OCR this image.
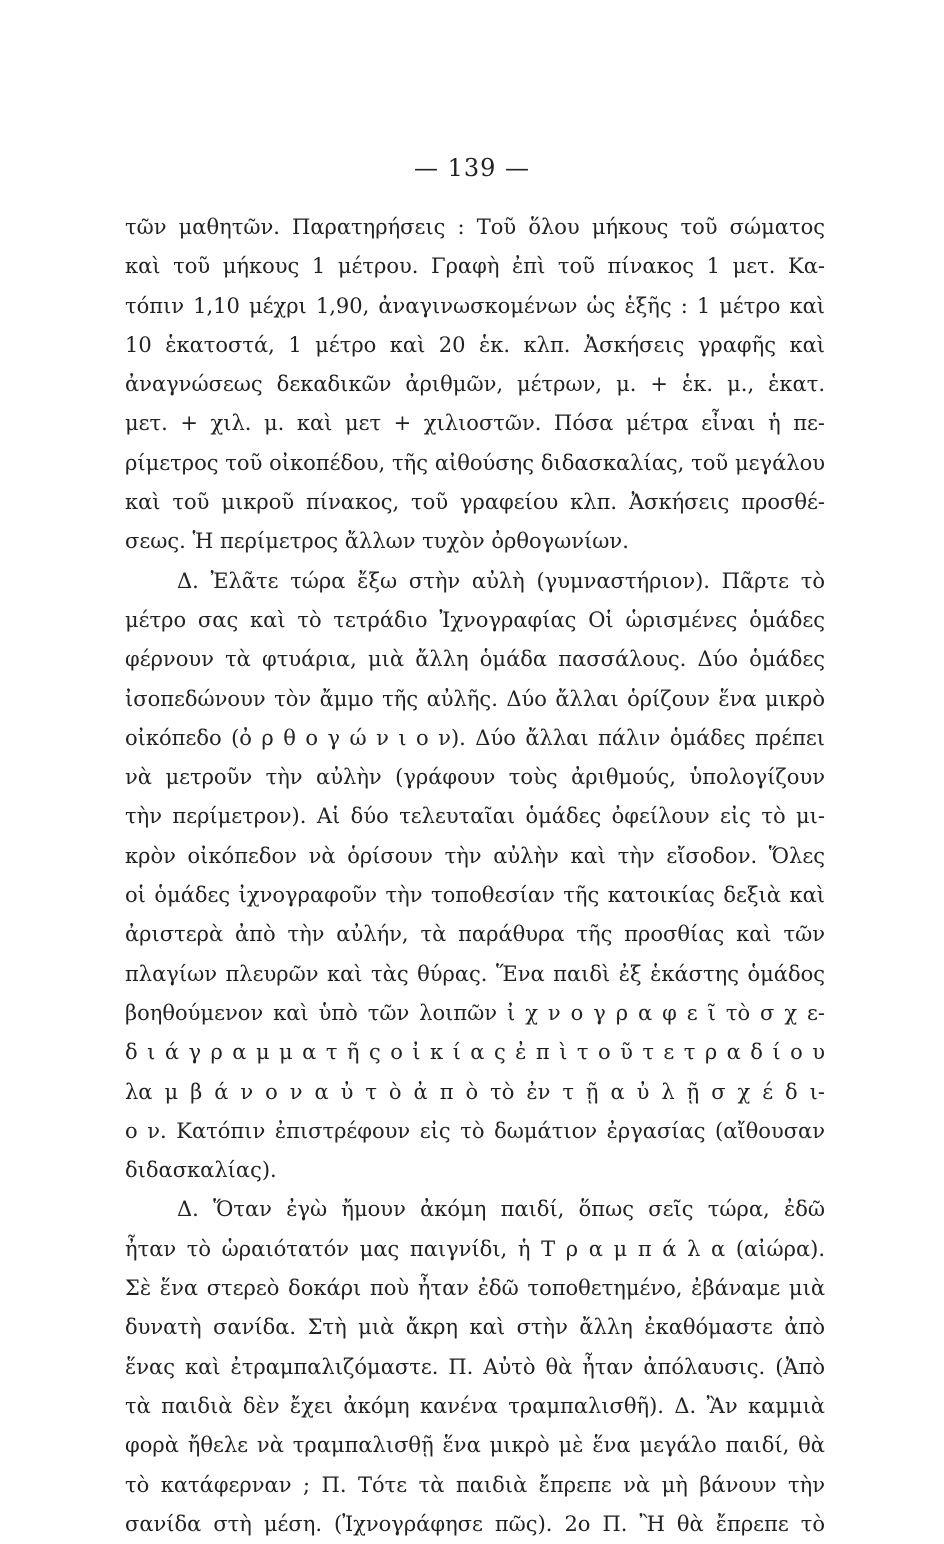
— 139 —
τῶν μαθητῶν. Παρατηρήσεις : Τοῦ ὅλου μήκους τοῦ σώματος
καὶ τοῦ μήκους 1 μέτρου. Γραφὴ ἐπὶ τοῦ πίνακος 1 μετ. Κα-
τόπιν 1,10 μέχρι 1,90, ἀναγινωσκομένων ὡς ἑξῆς : 1 μέτρο καὶ
10 ἑκατοστά, 1 μέτρο καὶ 20 ἑκ. κλπ. Ἀσκήσεις γραφῆς καὶ
ἀναγνώσεως δεκαδικῶν ἀριθμῶν, μέτρων, μ. + ἑκ. μ., ἑκατ.
μετ. + χιλ. μ. καὶ μετ + χιλιοστῶν. Πόσα μέτρα εἶναι ἡ πε-
ρίμετρος τοῦ οἰκοπέδου, τῆς αἰθούσης διδασκαλίας, τοῦ μεγάλου
καὶ τοῦ μικροῦ πίνακος, τοῦ γραφείου κλπ. Ἀσκήσεις προσθέ-
σεως. Ἡ περίμετρος ἄλλων τυχὸν ὀρθογωνίων.
Δ. Ἐλᾶτε τώρα ἔξω στὴν αὐλὴ (γυμναστήριον). Πᾶρτε τὸ
μέτρο σας καὶ τὸ τετράδιο Ἰχνογραφίας Οἱ ὡρισμένες ὁμάδες
φέρνουν τὰ φτυάρια, μιὰ ἄλλη ὁμάδα πασσάλους. Δύο ὁμάδες
ἰσοπεδώνουν τὸν ἄμμο τῆς αὐλῆς. Δύο ἄλλαι ὁρίζουν ἕνα μικρὸ
οἰκόπεδο (ὀ ρ θ ο γ ώ ν ι ο ν). Δύο ἄλλαι πάλιν ὁμάδες πρέπει
νὰ μετροῦν τὴν αὐλὴν (γράφουν τοὺς ἀριθμούς, ὑπολογίζουν
τὴν περίμετρον). Αἱ δύο τελευταῖαι ὁμάδες ὀφείλουν εἰς τὸ μι-
κρὸν οἰκόπεδον νὰ ὁρίσουν τὴν αὐλὴν καὶ τὴν εἴσοδον. Ὅλες
οἱ ὁμάδες ἰχνογραφοῦν τὴν τοποθεσίαν τῆς κατοικίας δεξιὰ καὶ
ἀριστερὰ ἀπὸ τὴν αὐλήν, τὰ παράθυρα τῆς προσθίας καὶ τῶν
πλαγίων πλευρῶν καὶ τὰς θύρας. Ἕνα παιδὶ ἐξ ἑκάστης ὁμάδος
βοηθούμενον καὶ ὑπὸ τῶν λοιπῶν ἰ χ ν ο γ ρ α φ ε ῖ τὸ σ χ ε-
δ ι ά γ ρ α μ μ α τ ῆ ς ο ἰ κ ί α ς ἐ π ὶ τ ο ῦ τ ε τ ρ α δ ί ο υ
λα μ β ά ν ο ν α ὐ τ ὸ ἀ π ὸ τὸ ἐν τ ῇ α ὐ λ ῇ σ χ έ δ ι-
ο ν. Κατόπιν ἐπιστρέφουν εἰς τὸ δωμάτιον ἐργασίας (αἴθουσαν
διδασκαλίας).
Δ. Ὅταν ἐγὼ ἤμουν ἀκόμη παιδί, ὅπως σεῖς τώρα, ἐδῶ
ἦταν τὸ ὡραιότατόν μας παιγνίδι, ἡ Τ ρ α μ π ά λ α (αἰώρα).
Σὲ ἕνα στερεὸ δοκάρι ποὺ ἦταν ἐδῶ τοποθετημένο, ἐβάναμε μιὰ
δυνατὴ σανίδα. Στὴ μιὰ ἄκρη καὶ στὴν ἄλλη ἐκαθόμαστε ἀπὸ
ἕνας καὶ ἐτραμπαλιζόμαστε. Π. Αὐτὸ θὰ ἦταν ἀπόλαυσις. (Ἀπὸ
τὰ παιδιὰ δὲν ἔχει ἀκόμη κανένα τραμπαλισθῆ). Δ. Ἂν καμμιὰ
φορὰ ἤθελε νὰ τραμπαλισθῇ ἕνα μικρὸ μὲ ἕνα μεγάλο παιδί, θὰ
τὸ κατάφερναν ; Π. Τότε τὰ παιδιὰ ἔπρεπε νὰ μὴ βάνουν τὴν
σανίδα στὴ μέση. (Ἰχνογράφησε πῶς). 2ο Π. Ἢ θὰ ἔπρεπε τὸ
